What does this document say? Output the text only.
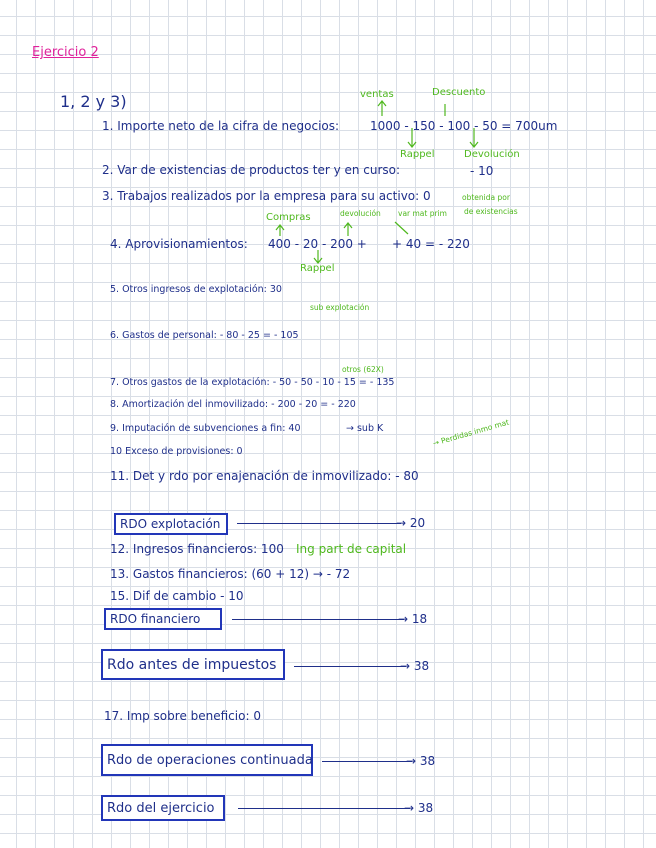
Ejercicio 2
1, 2 y 3)	ventas	Descuento
1. Importe neto de la cifra de negocios:	1000 - 150 - 100 - 50 = 700um
Rappel	Devolución
2. Var de existencias de productos ter y en curso:	- 10
3. Trabajos realizados por la empresa para su activo: 0	obtenida por
de existencias
Compras	devolución var mat prim
4. Aprovisionamientos: 400 - 20 - 200 + + 40 = - 220
Rappel
5. Otros ingresos de explotación: 30
sub explotación
6. Gastos de personal: - 80 - 25 = - 105
otros (62X)
7. Otros gastos de la explotación: - 50 - 50 - 10 - 15 = - 135
8. Amortización del inmovilizado: - 200 - 20 = - 220
9. Imputación de subvenciones a fin: 40	→ sub K
10 Exceso de provisiones: 0
11. Det y rdo por enajenación de inmovilizado: - 80
→ Perdidas inmo mat
RDO explotación	→ 20
12. Ingresos financieros: 100 Ing part de capital
13. Gastos financieros: (60 + 12) → - 72
15. Dif de cambio - 10
RDO financiero	→ 18
Rdo antes de impuestos	→ 38
17. Imp sobre beneficio: 0
Rdo de operaciones continuada	→ 38
Rdo del ejercicio	→ 38
